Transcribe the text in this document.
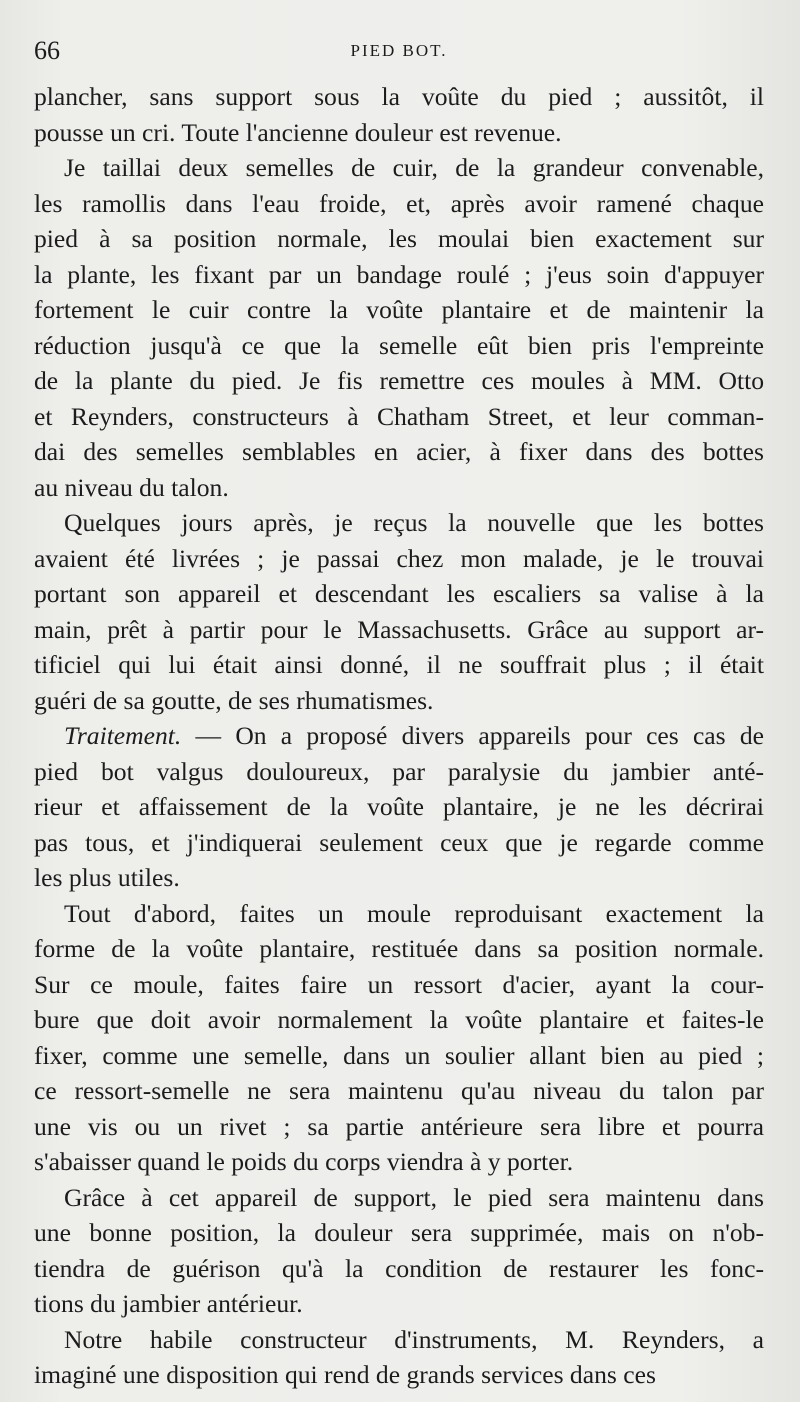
66	PIED BOT.
plancher, sans support sous la voûte du pied ; aussitôt, il
pousse un cri. Toute l'ancienne douleur est revenue.
Je taillai deux semelles de cuir, de la grandeur convenable,
les ramollis dans l'eau froide, et, après avoir ramené chaque
pied à sa position normale, les moulai bien exactement sur
la plante, les fixant par un bandage roulé ; j'eus soin d'appuyer
fortement le cuir contre la voûte plantaire et de maintenir la
réduction jusqu'à ce que la semelle eût bien pris l'empreinte
de la plante du pied. Je fis remettre ces moules à MM. Otto
et Reynders, constructeurs à Chatham Street, et leur comman-
dai des semelles semblables en acier, à fixer dans des bottes
au niveau du talon.
Quelques jours après, je reçus la nouvelle que les bottes
avaient été livrées ; je passai chez mon malade, je le trouvai
portant son appareil et descendant les escaliers sa valise à la
main, prêt à partir pour le Massachusetts. Grâce au support ar-
tificiel qui lui était ainsi donné, il ne souffrait plus ; il était
guéri de sa goutte, de ses rhumatismes.
Traitement. — On a proposé divers appareils pour ces cas de
pied bot valgus douloureux, par paralysie du jambier anté-
rieur et affaissement de la voûte plantaire, je ne les décrirai
pas tous, et j'indiquerai seulement ceux que je regarde comme
les plus utiles.
Tout d'abord, faites un moule reproduisant exactement la
forme de la voûte plantaire, restituée dans sa position normale.
Sur ce moule, faites faire un ressort d'acier, ayant la cour-
bure que doit avoir normalement la voûte plantaire et faites-le
fixer, comme une semelle, dans un soulier allant bien au pied ;
ce ressort-semelle ne sera maintenu qu'au niveau du talon par
une vis ou un rivet ; sa partie antérieure sera libre et pourra
s'abaisser quand le poids du corps viendra à y porter.
Grâce à cet appareil de support, le pied sera maintenu dans
une bonne position, la douleur sera supprimée, mais on n'ob-
tiendra de guérison qu'à la condition de restaurer les fonc-
tions du jambier antérieur.
Notre habile constructeur d'instruments, M. Reynders, a
imaginé une disposition qui rend de grands services dans ces
